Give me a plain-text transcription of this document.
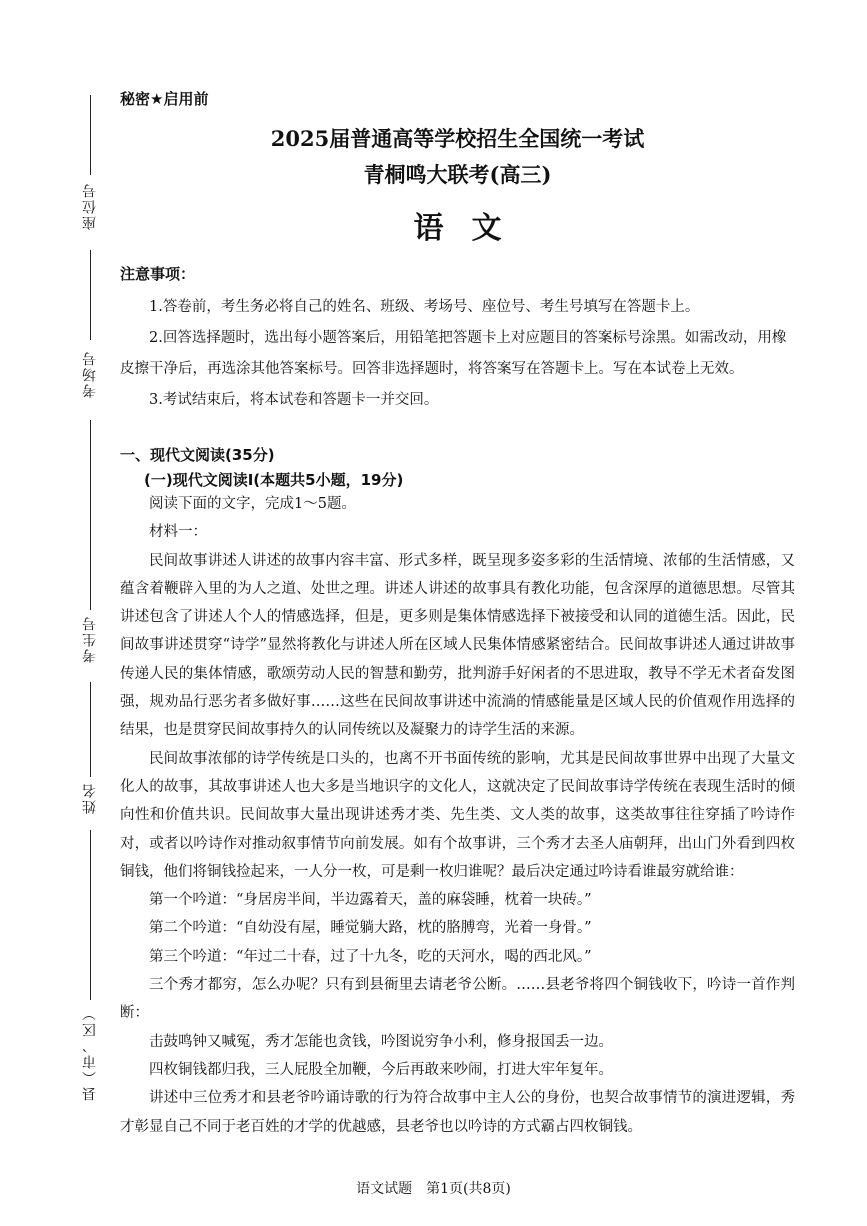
座位号
考场号
考生号
姓名
县（市、区）
秘密★启用前
2025届普通高等学校招生全国统一考试
青桐鸣大联考(高三)
语文
注意事项：

1.答卷前，考生务必将自己的姓名、班级、考场号、座位号、考生号填写在答题卡上。

2.回答选择题时，选出每小题答案后，用铅笔把答题卡上对应题目的答案标号涂黑。如需改动，用橡皮擦干净后，再选涂其他答案标号。回答非选择题时，将答案写在答题卡上。写在本试卷上无效。

3.考试结束后，将本试卷和答题卡一并交回。

一、现代文阅读(35分)
(一)现代文阅读Ⅰ(本题共5小题，19分)

阅读下面的文字，完成1～5题。

材料一：

民间故事讲述人讲述的故事内容丰富、形式多样，既呈现多姿多彩的生活情境、浓郁的生活情感，又蕴含着鞭辟入里的为人之道、处世之理。讲述人讲述的故事具有教化功能，包含深厚的道德思想。尽管其讲述包含了讲述人个人的情感选择，但是，更多则是集体情感选择下被接受和认同的道德生活。因此，民间故事讲述贯穿“诗学”显然将教化与讲述人所在区域人民集体情感紧密结合。民间故事讲述人通过讲故事传递人民的集体情感，歌颂劳动人民的智慧和勤劳，批判游手好闲者的不思进取，教导不学无术者奋发图强，规劝品行恶劣者多做好事……这些在民间故事讲述中流淌的情感能量是区域人民的价值观作用选择的结果，也是贯穿民间故事持久的认同传统以及凝聚力的诗学生活的来源。

民间故事浓郁的诗学传统是口头的，也离不开书面传统的影响，尤其是民间故事世界中出现了大量文化人的故事，其故事讲述人也大多是当地识字的文化人，这就决定了民间故事诗学传统在表现生活时的倾向性和价值共识。民间故事大量出现讲述秀才类、先生类、文人类的故事，这类故事往往穿插了吟诗作对，或者以吟诗作对推动叙事情节向前发展。如有个故事讲，三个秀才去圣人庙朝拜，出山门外看到四枚铜钱，他们将铜钱捡起来，一人分一枚，可是剩一枚归谁呢？最后决定通过吟诗看谁最穷就给谁：

第一个吟道：“身居房半间，半边露着天，盖的麻袋睡，枕着一块砖。”

第二个吟道：“自幼没有屋，睡觉躺大路，枕的胳膊弯，光着一身骨。”

第三个吟道：“年过二十春，过了十九冬，吃的天河水，喝的西北风。”

三个秀才都穷，怎么办呢？只有到县衙里去请老爷公断。……县老爷将四个铜钱收下，吟诗一首作判断：

击鼓鸣钟又喊冤，秀才怎能也贪钱，吟图说穷争小利，修身报国丢一边。

四枚铜钱都归我，三人屁股全加鞭，今后再敢来吵闹，打进大牢年复年。

讲述中三位秀才和县老爷吟诵诗歌的行为符合故事中主人公的身份，也契合故事情节的演进逻辑，秀才彰显自己不同于老百姓的才学的优越感，县老爷也以吟诗的方式霸占四枚铜钱。

语文试题　第1页(共8页)
